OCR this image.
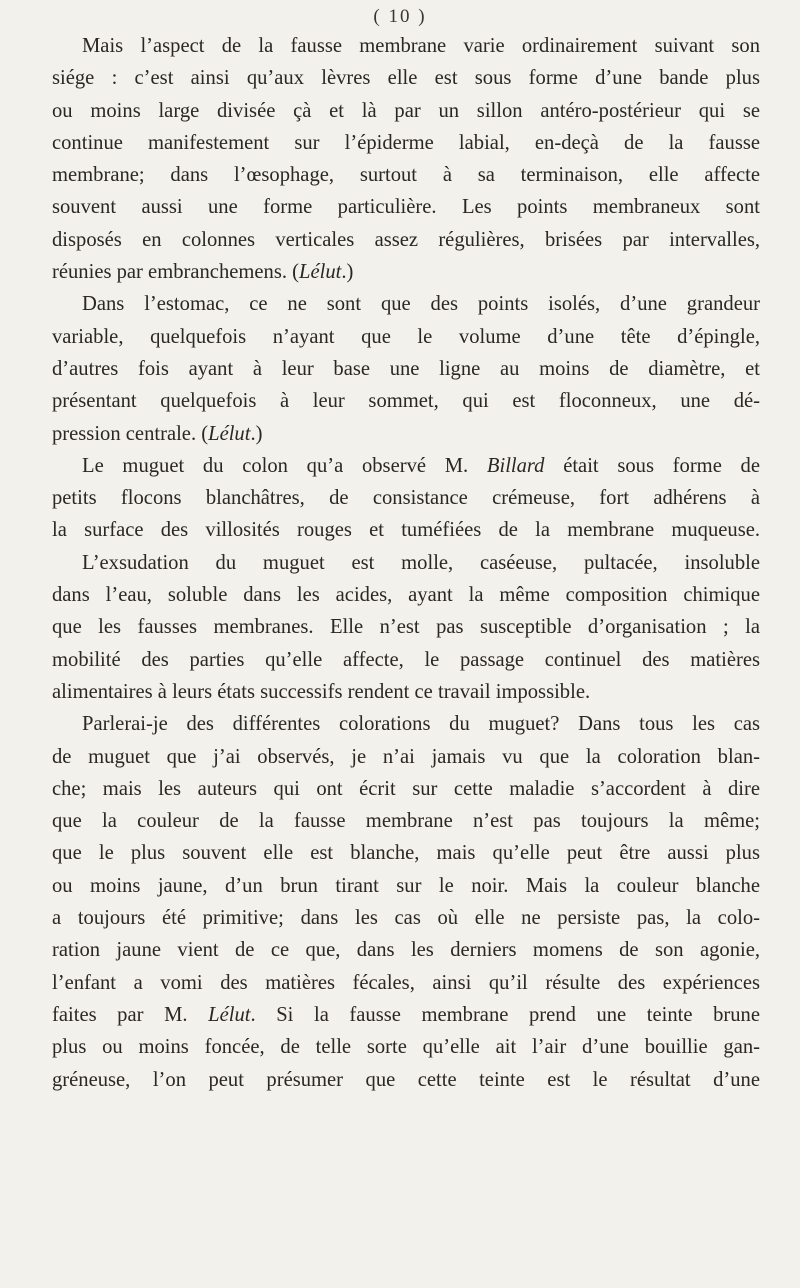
( 10 )
Mais l’aspect de la fausse membrane varie ordinairement suivant son
siége : c’est ainsi qu’aux lèvres elle est sous forme d’une bande plus
ou moins large divisée çà et là par un sillon antéro-postérieur qui se
continue manifestement sur l’épiderme labial, en-deçà de la fausse
membrane; dans l’œsophage, surtout à sa terminaison, elle affecte
souvent aussi une forme particulière. Les points membraneux sont
disposés en colonnes verticales assez régulières, brisées par intervalles,
réunies par embranchemens. (Lélut.)
Dans l’estomac, ce ne sont que des points isolés, d’une grandeur
variable, quelquefois n’ayant que le volume d’une tête d’épingle,
d’autres fois ayant à leur base une ligne au moins de diamètre, et
présentant quelquefois à leur sommet, qui est floconneux, une dé-
pression centrale. (Lélut.)
Le muguet du colon qu’a observé M. Billard était sous forme de
petits flocons blanchâtres, de consistance crémeuse, fort adhérens à
la surface des villosités rouges et tuméfiées de la membrane muqueuse.
L’exsudation du muguet est molle, caséeuse, pultacée, insoluble
dans l’eau, soluble dans les acides, ayant la même composition chimique
que les fausses membranes. Elle n’est pas susceptible d’organisation ; la
mobilité des parties qu’elle affecte, le passage continuel des matières
alimentaires à leurs états successifs rendent ce travail impossible.
Parlerai-je des différentes colorations du muguet? Dans tous les cas
de muguet que j’ai observés, je n’ai jamais vu que la coloration blan-
che; mais les auteurs qui ont écrit sur cette maladie s’accordent à dire
que la couleur de la fausse membrane n’est pas toujours la même;
que le plus souvent elle est blanche, mais qu’elle peut être aussi plus
ou moins jaune, d’un brun tirant sur le noir. Mais la couleur blanche
a toujours été primitive; dans les cas où elle ne persiste pas, la colo-
ration jaune vient de ce que, dans les derniers momens de son agonie,
l’enfant a vomi des matières fécales, ainsi qu’il résulte des expériences
faites par M. Lélut. Si la fausse membrane prend une teinte brune
plus ou moins foncée, de telle sorte qu’elle ait l’air d’une bouillie gan-
gréneuse, l’on peut présumer que cette teinte est le résultat d’une
